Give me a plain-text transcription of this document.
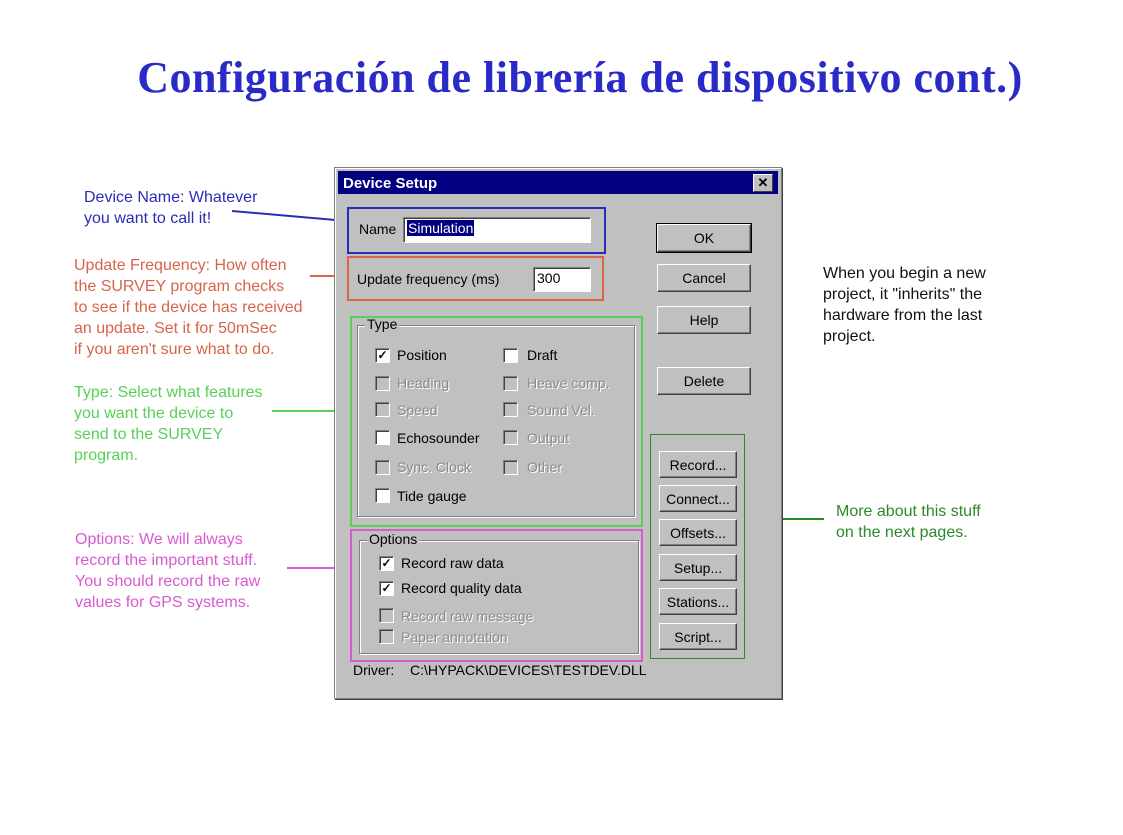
Configuración de librería de dispositivo cont.)
Device Name: Whatever
you want to call it!
Update Frequency: How often
the SURVEY program checks
to see if the device has received
an update. Set it for 50mSec
if you aren't sure what to do.
Type: Select what features
you want the device to
send to the SURVEY
program.
Options: We will always
record the important stuff.
You should record the raw
values for GPS systems.
When you begin a new
project, it "inherits" the
hardware from the last
project.
More about this stuff
on the next pages.
Device Setup	✕
Name Simulation
Update frequency (ms)	300
Type
✓ Position
Heading
Speed
Echosounder
Sync. Clock
Tide gauge
Draft
Heave comp.
Sound Vel.
Output
Other
Options
✓ Record raw data
✓ Record quality data
Record raw message
Paper annotation
Driver: C:\HYPACK\DEVICES\TESTDEV.DLL
OK
Cancel
Help
Delete
Record...
Connect...
Offsets...
Setup...
Stations...
Script...
